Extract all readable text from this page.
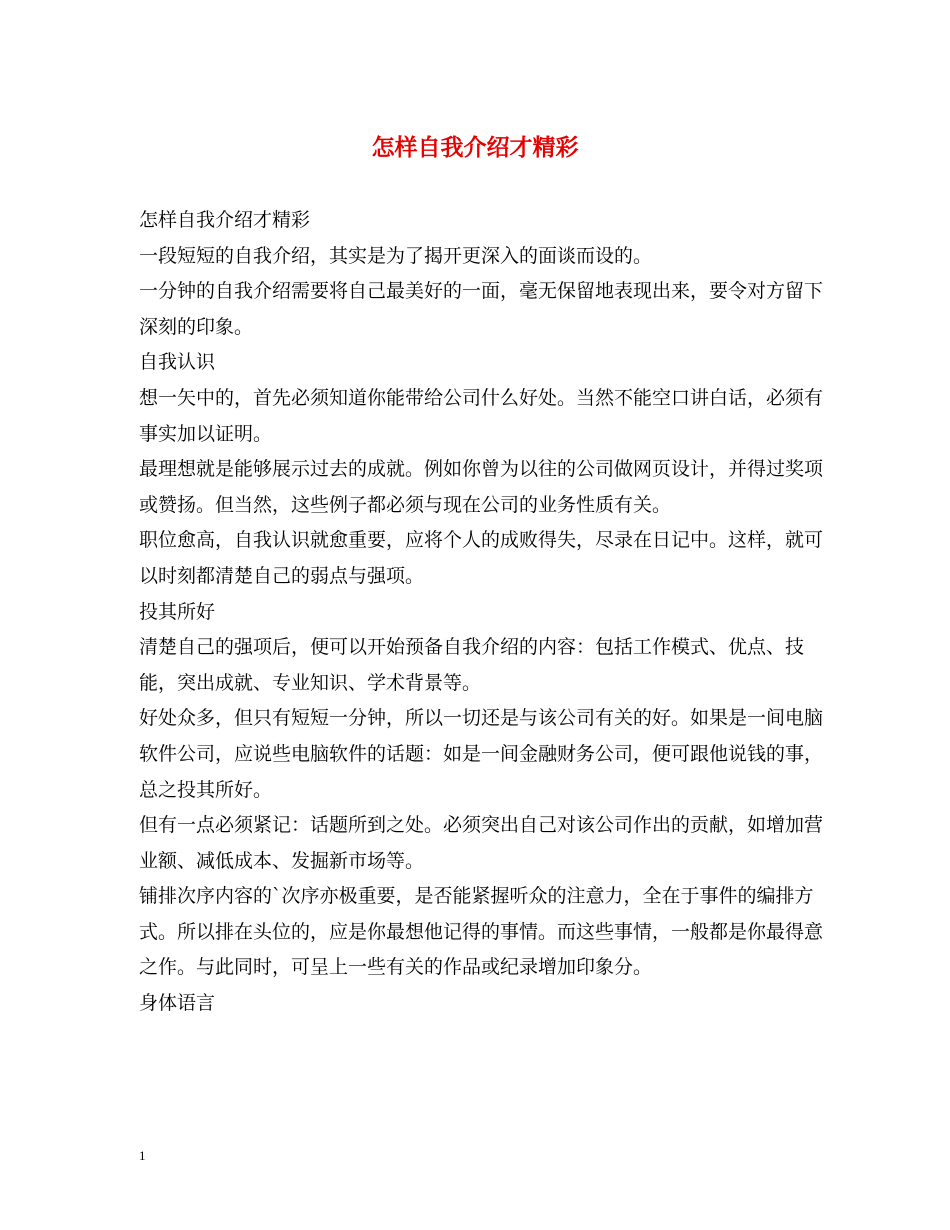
怎样自我介绍才精彩

怎样自我介绍才精彩

一段短短的自我介绍，其实是为了揭开更深入的面谈而设的。

一分钟的自我介绍需要将自己最美好的一面，毫无保留地表现出来，要令对方留下深刻的印象。

自我认识

想一矢中的，首先必须知道你能带给公司什么好处。当然不能空口讲白话，必须有事实加以证明。

最理想就是能够展示过去的成就。例如你曾为以往的公司做网页设计，并得过奖项或赞扬。但当然，这些例子都必须与现在公司的业务性质有关。

职位愈高，自我认识就愈重要，应将个人的成败得失，尽录在日记中。这样，就可以时刻都清楚自己的弱点与强项。

投其所好

清楚自己的强项后，便可以开始预备自我介绍的内容：包括工作模式、优点、技能，突出成就、专业知识、学术背景等。

好处众多，但只有短短一分钟，所以一切还是与该公司有关的好。如果是一间电脑软件公司，应说些电脑软件的话题：如是一间金融财务公司，便可跟他说钱的事，总之投其所好。

但有一点必须紧记：话题所到之处。必须突出自己对该公司作出的贡献，如增加营业额、减低成本、发掘新市场等。

铺排次序内容的`次序亦极重要，是否能紧握听众的注意力，全在于事件的编排方式。所以排在头位的，应是你最想他记得的事情。而这些事情，一般都是你最得意之作。与此同时，可呈上一些有关的作品或纪录增加印象分。

身体语言

1
